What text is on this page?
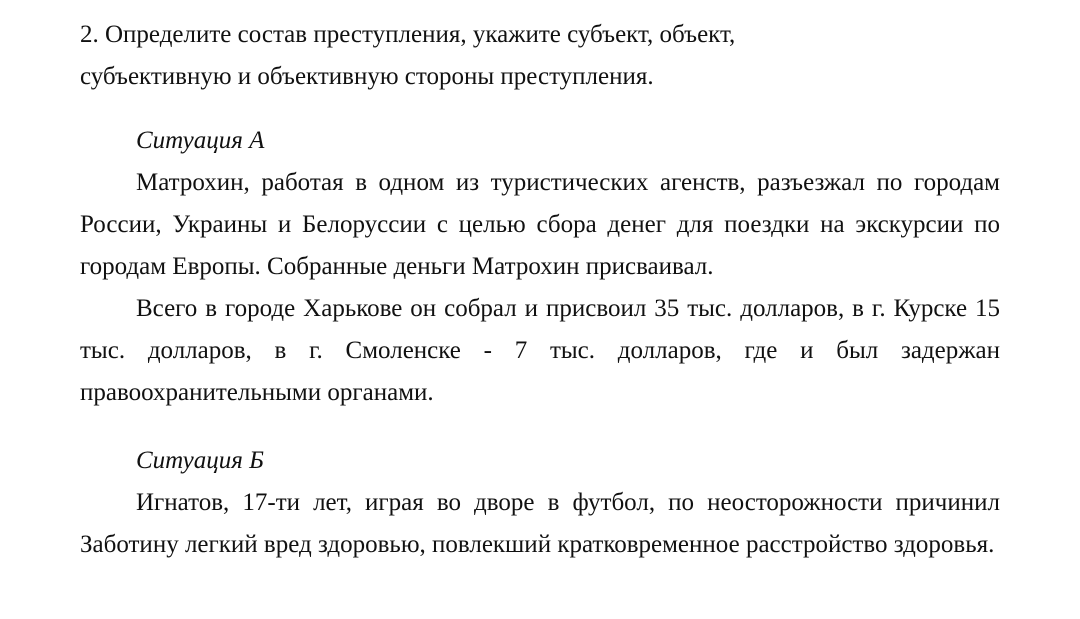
2. Определите состав преступления, укажите субъект, объект,
субъективную и объективную стороны преступления.
Ситуация А

Матрохин, работая в одном из туристических агенств, разъезжал по городам России, Украины и Белоруссии с целью сбора денег для поездки на экскурсии по городам Европы. Собранные деньги Матрохин присваивал.

Всего в городе Харькове он собрал и присвоил 35 тыс. долларов, в г. Курске 15 тыс. долларов, в г. Смоленске - 7 тыс. долларов, где и был задержан правоохранительными органами.

Ситуация Б

Игнатов, 17-ти лет, играя во дворе в футбол, по неосторожности причинил Заботину легкий вред здоровью, повлекший кратковременное расстройство здоровья.
